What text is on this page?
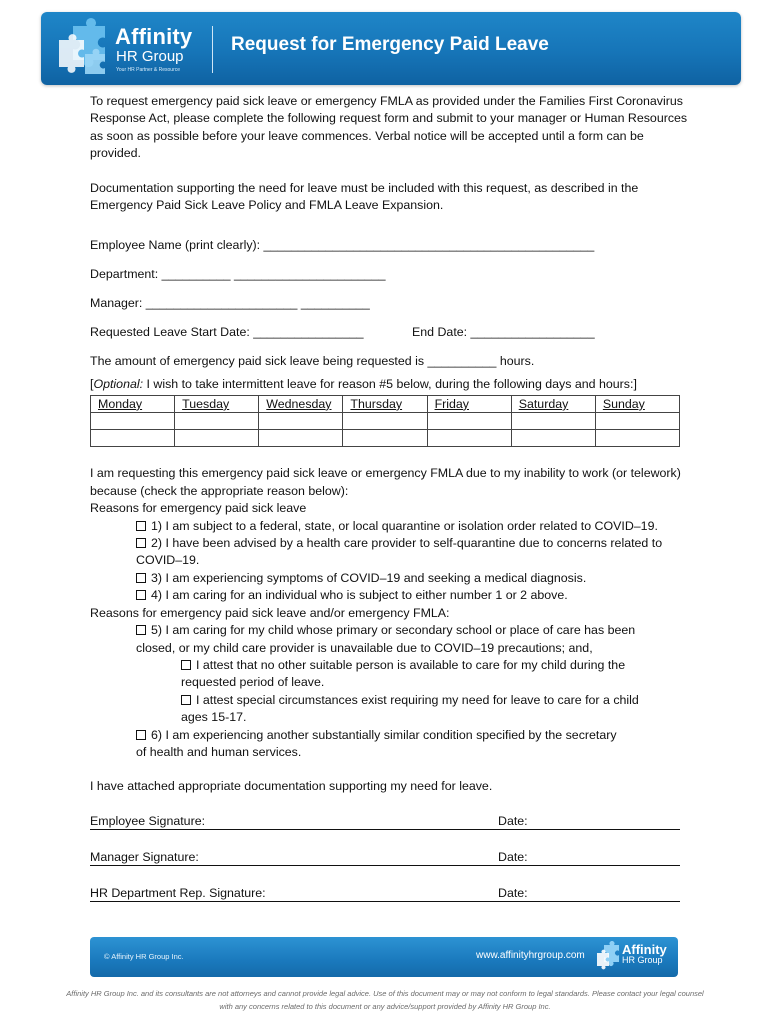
Affinity
HR Group
Your HR Partner & Resource
Request for Emergency Paid Leave

To request emergency paid sick leave or emergency FMLA as provided under the Families First Coronavirus Response Act, please complete the following request form and submit to your manager or Human Resources as soon as possible before your leave commences. Verbal notice will be accepted until a form can be provided.

Documentation supporting the need for leave must be included with this request, as described in the Emergency Paid Sick Leave Policy and FMLA Leave Expansion.

Employee Name (print clearly): ________________________________________________
Department: __________ ______________________
Manager: ______________________ __________
Requested Leave Start Date: ________________	End Date: __________________
The amount of emergency paid sick leave being requested is __________ hours.
[Optional: I wish to take intermittent leave for reason #5 below, during the following days and hours:]
Monday	Tuesday	Wednesday	Thursday	Friday	Saturday	Sunday

I am requesting this emergency paid sick leave or emergency FMLA due to my inability to work (or telework) because (check the appropriate reason below):
Reasons for emergency paid sick leave
1) I am subject to a federal, state, or local quarantine or isolation order related to COVID–19.
2) I have been advised by a health care provider to self-quarantine due to concerns related to
COVID–19.
3) I am experiencing symptoms of COVID–19 and seeking a medical diagnosis.
4) I am caring for an individual who is subject to either number 1 or 2 above.
Reasons for emergency paid sick leave and/or emergency FMLA:
5) I am caring for my child whose primary or secondary school or place of care has been
closed, or my child care provider is unavailable due to COVID–19 precautions; and,
I attest that no other suitable person is available to care for my child during the
requested period of leave.
I attest special circumstances exist requiring my need for leave to care for a child
ages 15-17.
6) I am experiencing another substantially similar condition specified by the secretary
of health and human services.
I have attached appropriate documentation supporting my need for leave.
Employee Signature:	Date:
Manager Signature:	Date:
HR Department Rep. Signature:	Date:
© Affinity HR Group Inc.	www.affinityhrgroup.com	Affinity
HR Group
Affinity HR Group Inc. and its consultants are not attorneys and cannot provide legal advice. Use of this document may or may not conform to legal standards. Please contact your legal counsel
with any concerns related to this document or any advice/support provided by Affinity HR Group Inc.
